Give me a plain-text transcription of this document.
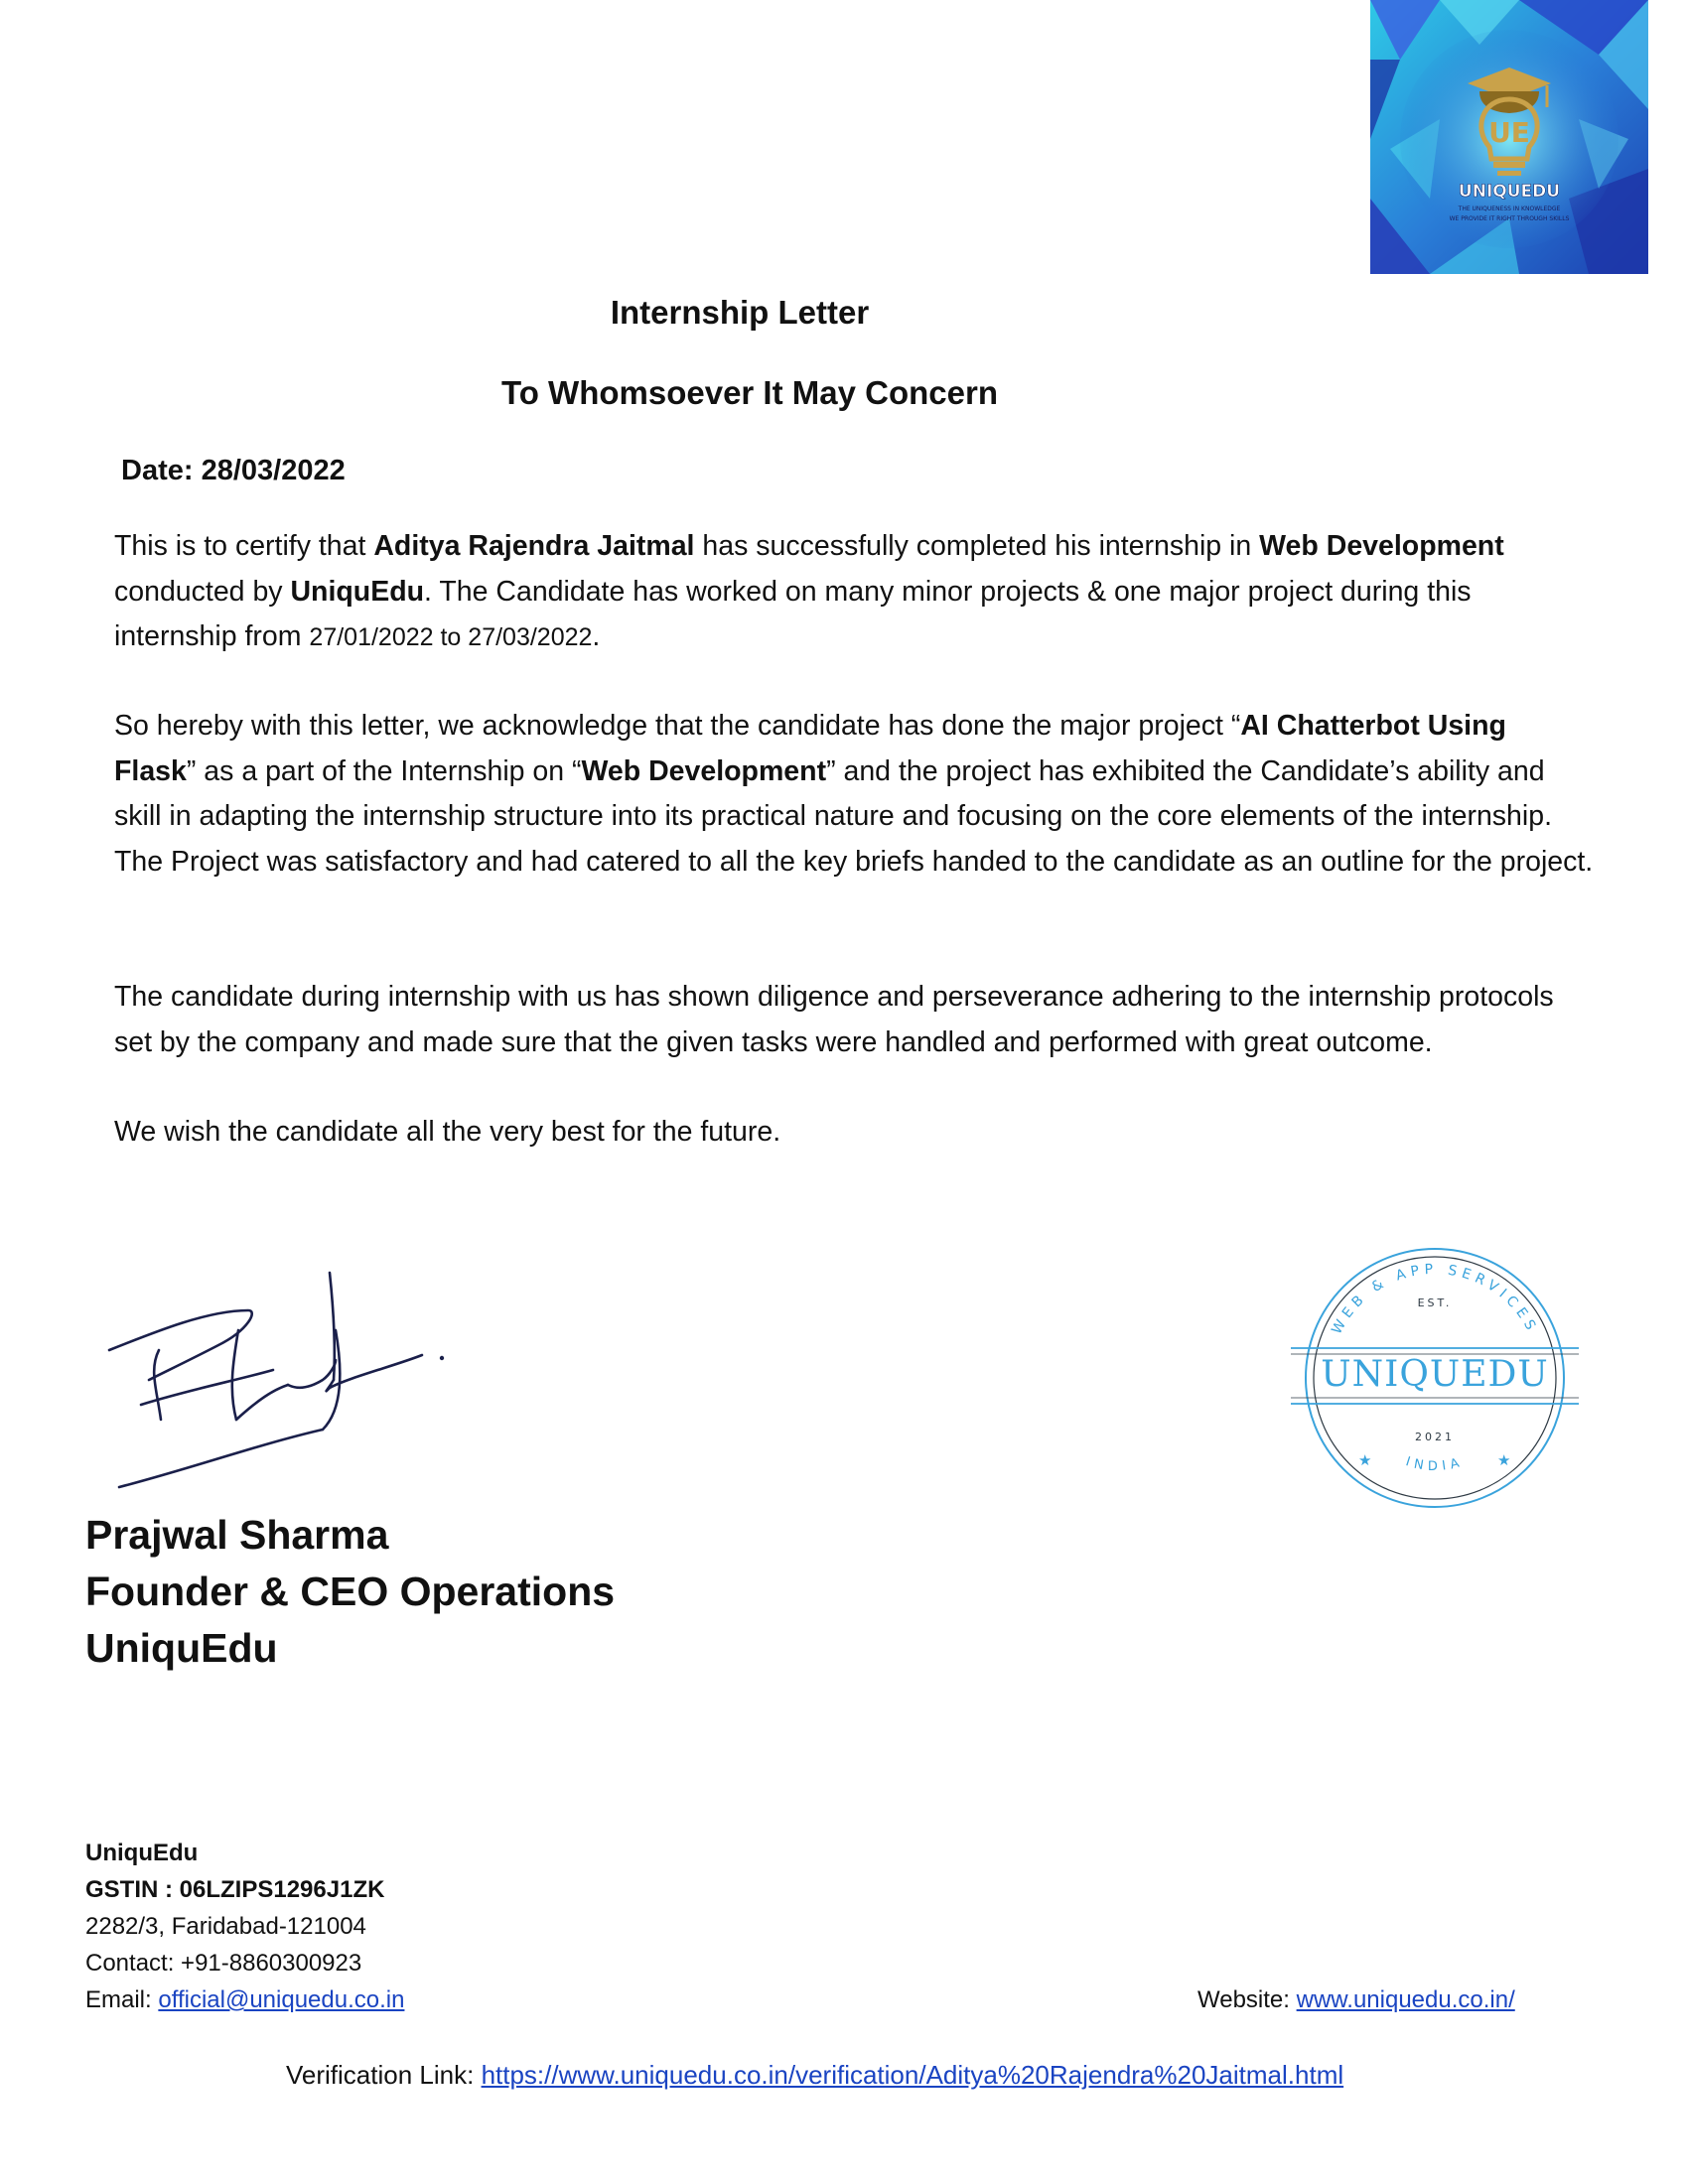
UE
UNIQUEDU
THE UNIQUENESS IN KNOWLEDGE
WE PROVIDE IT RIGHT THROUGH SKILLS
Internship Letter
To Whomsoever It May Concern
Date: 28/03/2022
This is to certify that Aditya Rajendra Jaitmal has successfully completed his internship in Web Development conducted by UniquEdu. The Candidate has worked on many minor projects & one major project during this internship from 27/01/2022 to 27/03/2022.
So hereby with this letter, we acknowledge that the candidate has done the major project “AI Chatterbot Using Flask” as a part of the Internship on “Web Development” and the project has exhibited the Candidate’s ability and skill in adapting the internship structure into its practical nature and focusing on the core elements of the internship. The Project was satisfactory and had catered to all the key briefs handed to the candidate as an outline for the project.
The candidate during internship with us has shown diligence and perseverance adhering to the internship protocols set by the company and made sure that the given tasks were handled and performed with great outcome.
We wish the candidate all the very best for the future.
Prajwal Sharma
Founder & CEO Operations
UniquEdu
WEB & APP SERVICES
EST.
UNIQUEDU
2021
★	★
INDIA
UniquEdu
GSTIN : 06LZIPS1296J1ZK
2282/3, Faridabad-121004
Contact: +91-8860300923
Email: official@uniquedu.co.in	Website: www.uniquedu.co.in/
Verification Link: https://www.uniquedu.co.in/verification/Aditya%20Rajendra%20Jaitmal.html
